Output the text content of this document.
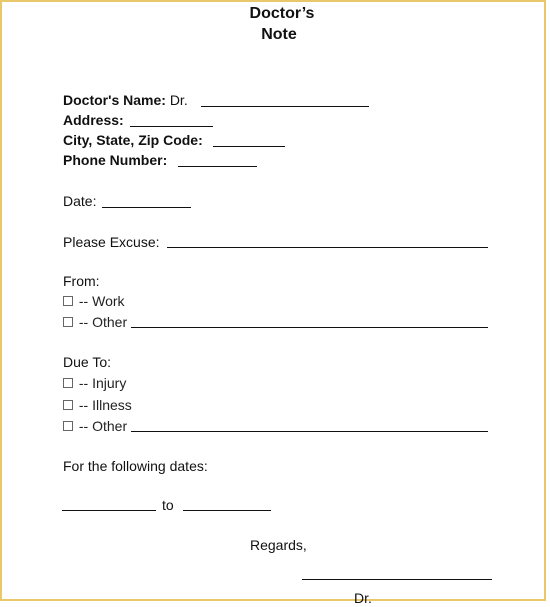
Doctor’s
Note
Doctor's Name: Dr.
Address:
City, State, Zip Code:
Phone Number:
Date:
Please Excuse:
From:
-- Work
-- Other
Due To:
-- Injury
-- Illness
-- Other
For the following dates:
to
Regards,
Dr.
